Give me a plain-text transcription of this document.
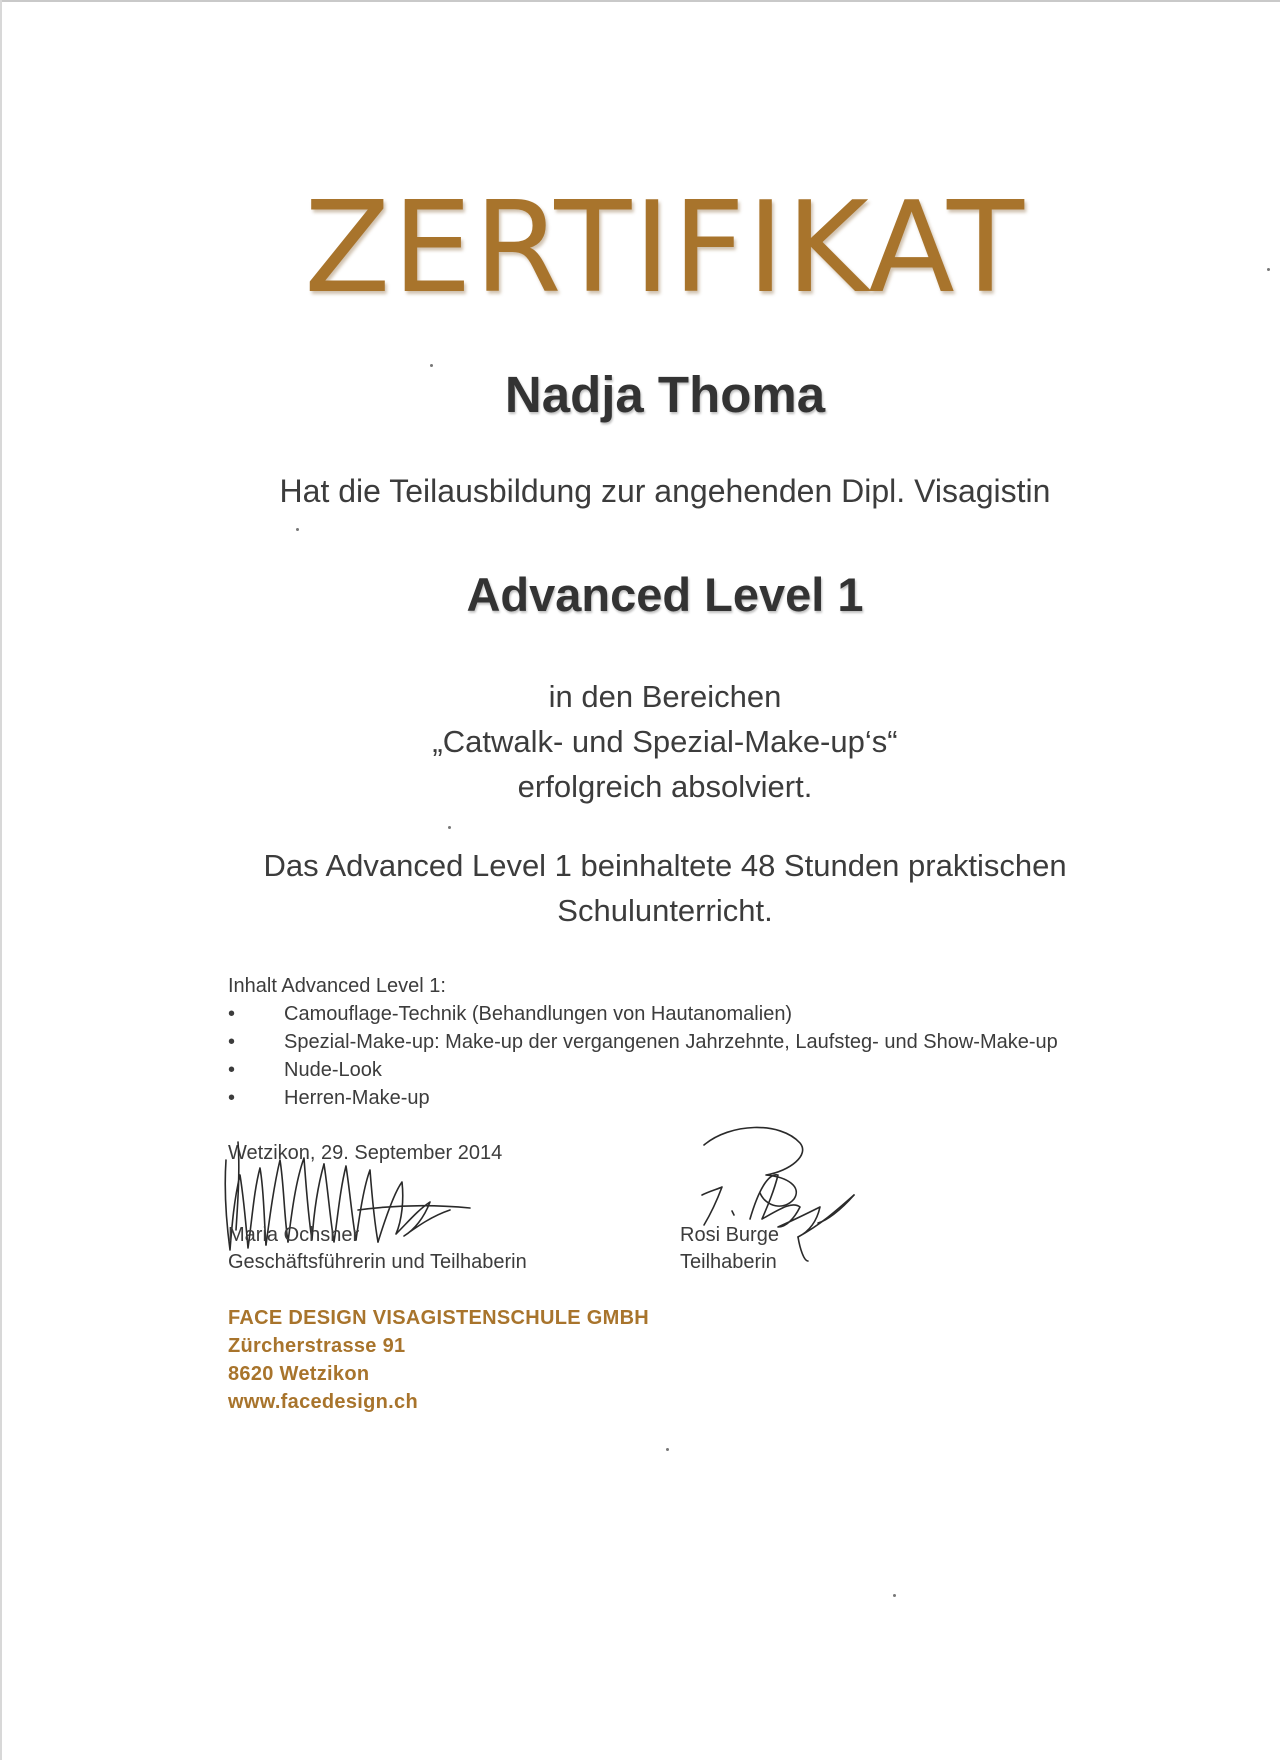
ZERTIFIKAT
Nadja Thoma
Hat die Teilausbildung zur angehenden Dipl. Visagistin
Advanced Level 1
in den Bereichen
„Catwalk- und Spezial-Make-up‘s“
erfolgreich absolviert.
Das Advanced Level 1 beinhaltete 48 Stunden praktischen
Schulunterricht.
Inhalt Advanced Level 1:
• Camouflage-Technik (Behandlungen von Hautanomalien)
• Spezial-Make-up: Make-up der vergangenen Jahrzehnte, Laufsteg- und Show-Make-up
• Nude-Look
• Herren-Make-up
Wetzikon, 29. September 2014
Maria Ochsner
Geschäftsführerin und Teilhaberin
Rosi Burge
Teilhaberin
FACE DESIGN VISAGISTENSCHULE GMBH
Zürcherstrasse 91
8620 Wetzikon
www.facedesign.ch
